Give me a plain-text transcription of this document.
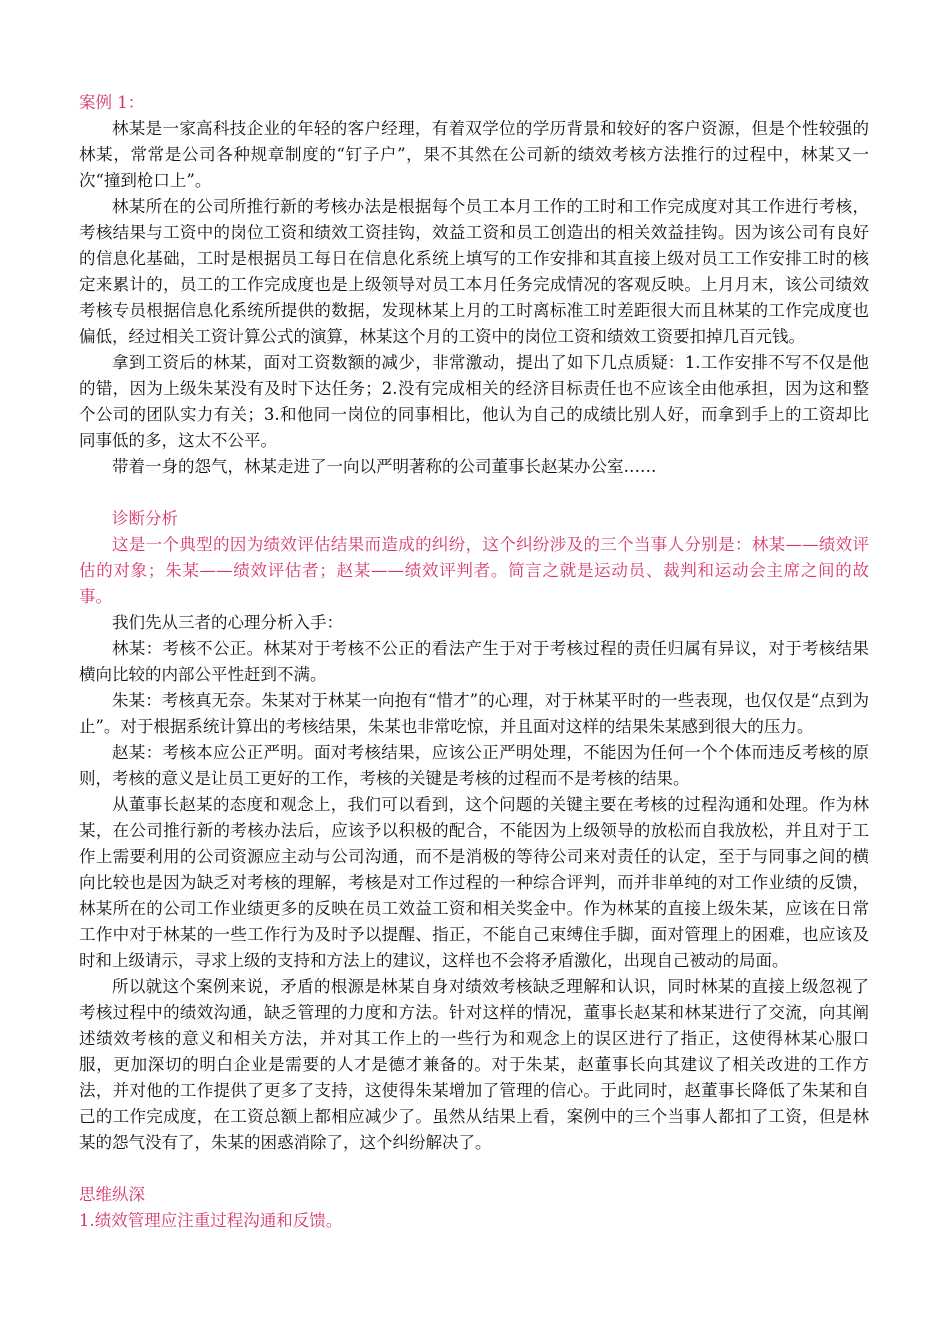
案例 1：

林某是一家高科技企业的年轻的客户经理，有着双学位的学历背景和较好的客户资源，但是个性较强的林某，常常是公司各种规章制度的“钉子户”，果不其然在公司新的绩效考核方法推行的过程中，林某又一次“撞到枪口上”。

林某所在的公司所推行新的考核办法是根据每个员工本月工作的工时和工作完成度对其工作进行考核，考核结果与工资中的岗位工资和绩效工资挂钩，效益工资和员工创造出的相关效益挂钩。因为该公司有良好的信息化基础，工时是根据员工每日在信息化系统上填写的工作安排和其直接上级对员工工作安排工时的核定来累计的，员工的工作完成度也是上级领导对员工本月任务完成情况的客观反映。上月月末，该公司绩效考核专员根据信息化系统所提供的数据，发现林某上月的工时离标准工时差距很大而且林某的工作完成度也偏低，经过相关工资计算公式的演算，林某这个月的工资中的岗位工资和绩效工资要扣掉几百元钱。

拿到工资后的林某，面对工资数额的减少，非常激动，提出了如下几点质疑：1.工作安排不写不仅是他的错，因为上级朱某没有及时下达任务；2.没有完成相关的经济目标责任也不应该全由他承担，因为这和整个公司的团队实力有关；3.和他同一岗位的同事相比，他认为自己的成绩比别人好，而拿到手上的工资却比同事低的多，这太不公平。

带着一身的怨气，林某走进了一向以严明著称的公司董事长赵某办公室……

诊断分析

这是一个典型的因为绩效评估结果而造成的纠纷，这个纠纷涉及的三个当事人分别是：林某——绩效评估的对象；朱某——绩效评估者；赵某——绩效评判者。简言之就是运动员、裁判和运动会主席之间的故事。

我们先从三者的心理分析入手：

林某：考核不公正。林某对于考核不公正的看法产生于对于考核过程的责任归属有异议，对于考核结果横向比较的内部公平性赶到不满。

朱某：考核真无奈。朱某对于林某一向抱有“惜才”的心理，对于林某平时的一些表现，也仅仅是“点到为止”。对于根据系统计算出的考核结果，朱某也非常吃惊，并且面对这样的结果朱某感到很大的压力。

赵某：考核本应公正严明。面对考核结果，应该公正严明处理，不能因为任何一个个体而违反考核的原则，考核的意义是让员工更好的工作，考核的关键是考核的过程而不是考核的结果。

从董事长赵某的态度和观念上，我们可以看到，这个问题的关键主要在考核的过程沟通和处理。作为林某，在公司推行新的考核办法后，应该予以积极的配合，不能因为上级领导的放松而自我放松，并且对于工作上需要利用的公司资源应主动与公司沟通，而不是消极的等待公司来对责任的认定，至于与同事之间的横向比较也是因为缺乏对考核的理解，考核是对工作过程的一种综合评判，而并非单纯的对工作业绩的反馈，林某所在的公司工作业绩更多的反映在员工效益工资和相关奖金中。作为林某的直接上级朱某，应该在日常工作中对于林某的一些工作行为及时予以提醒、指正，不能自己束缚住手脚，面对管理上的困难，也应该及时和上级请示，寻求上级的支持和方法上的建议，这样也不会将矛盾激化，出现自己被动的局面。

所以就这个案例来说，矛盾的根源是林某自身对绩效考核缺乏理解和认识，同时林某的直接上级忽视了考核过程中的绩效沟通，缺乏管理的力度和方法。针对这样的情况，董事长赵某和林某进行了交流，向其阐述绩效考核的意义和相关方法，并对其工作上的一些行为和观念上的误区进行了指正，这使得林某心服口服，更加深切的明白企业是需要的人才是德才兼备的。对于朱某，赵董事长向其建议了相关改进的工作方法，并对他的工作提供了更多了支持，这使得朱某增加了管理的信心。于此同时，赵董事长降低了朱某和自己的工作完成度，在工资总额上都相应减少了。虽然从结果上看，案例中的三个当事人都扣了工资，但是林某的怨气没有了，朱某的困惑消除了，这个纠纷解决了。

思维纵深

1.绩效管理应注重过程沟通和反馈。
